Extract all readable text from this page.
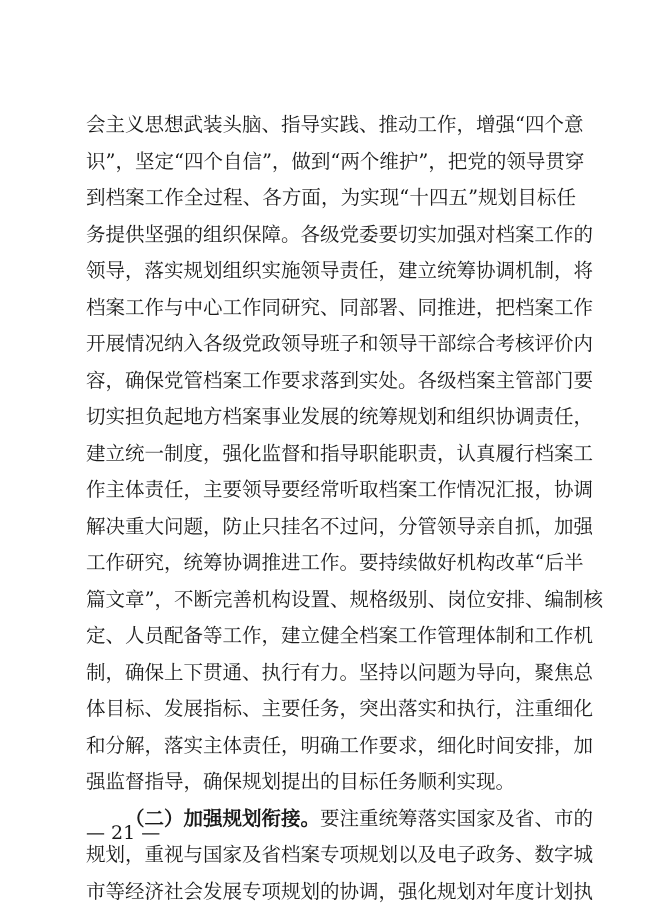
会主义思想武装头脑、指导实践、推动工作，增强“四个意
识”，坚定“四个自信”，做到“两个维护”，把党的领导贯穿
到档案工作全过程、各方面，为实现“十四五”规划目标任
务提供坚强的组织保障。各级党委要切实加强对档案工作的
领导，落实规划组织实施领导责任，建立统筹协调机制，将
档案工作与中心工作同研究、同部署、同推进，把档案工作
开展情况纳入各级党政领导班子和领导干部综合考核评价内
容，确保党管档案工作要求落到实处。各级档案主管部门要
切实担负起地方档案事业发展的统筹规划和组织协调责任，
建立统一制度，强化监督和指导职能职责，认真履行档案工
作主体责任，主要领导要经常听取档案工作情况汇报，协调
解决重大问题，防止只挂名不过问，分管领导亲自抓，加强
工作研究，统筹协调推进工作。要持续做好机构改革“后半
篇文章”，不断完善机构设置、规格级别、岗位安排、编制核
定、人员配备等工作，建立健全档案工作管理体制和工作机
制，确保上下贯通、执行有力。坚持以问题为导向，聚焦总
体目标、发展指标、主要任务，突出落实和执行，注重细化
和分解，落实主体责任，明确工作要求，细化时间安排，加
强监督指导，确保规划提出的目标任务顺利实现。
（二）加强规划衔接。要注重统筹落实国家及省、市的
规划，重视与国家及省档案专项规划以及电子政务、数字城
市等经济社会发展专项规划的协调，强化规划对年度计划执
— 21 —
